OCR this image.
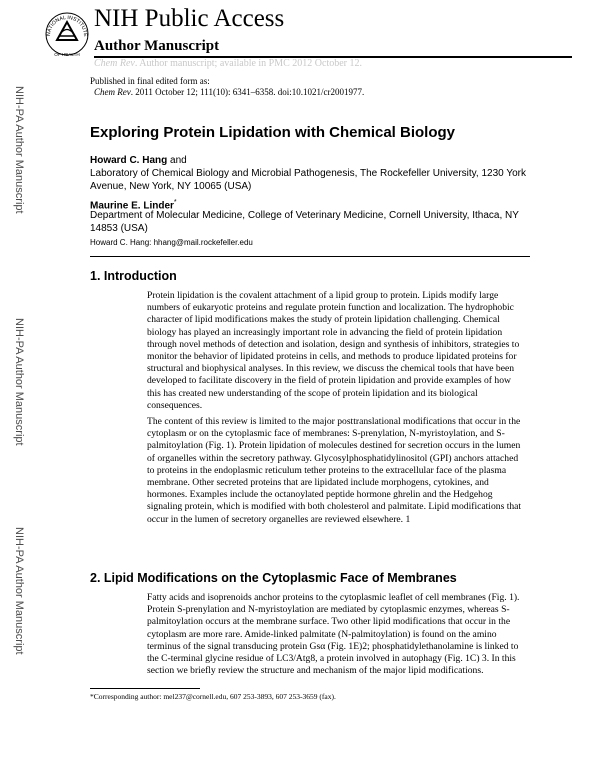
NATIONAL INSTITUTE
OF HEALTH
NIH Public Access
Author Manuscript
Chem Rev. Author manuscript; available in PMC 2012 October 12.
Published in final edited form as:
Chem Rev. 2011 October 12; 111(10): 6341–6358. doi:10.1021/cr2001977.
NIH-PA Author Manuscript
NIH-PA Author Manuscript
NIH-PA Author Manuscript
Exploring Protein Lipidation with Chemical Biology
Howard C. Hang and
Laboratory of Chemical Biology and Microbial Pathogenesis, The Rockefeller University, 1230 York Avenue, New York, NY 10065 (USA)
Maurine E. Linder*
Department of Molecular Medicine, College of Veterinary Medicine, Cornell University, Ithaca, NY 14853 (USA)
Howard C. Hang: hhang@mail.rockefeller.edu
1. Introduction

Protein lipidation is the covalent attachment of a lipid group to protein. Lipids modify large numbers of eukaryotic proteins and regulate protein function and localization. The hydrophobic character of lipid modifications makes the study of protein lipidation challenging. Chemical biology has played an increasingly important role in advancing the field of protein lipidation through novel methods of detection and isolation, design and synthesis of inhibitors, strategies to monitor the behavior of lipidated proteins in cells, and methods to produce lipidated proteins for structural and biophysical analyses. In this review, we discuss the chemical tools that have been developed to facilitate discovery in the field of protein lipidation and provide examples of how this has created new understanding of the scope of protein lipidation and its biological consequences.

The content of this review is limited to the major posttranslational modifications that occur in the cytoplasm or on the cytoplasmic face of membranes: S-prenylation, N-myristoylation, and S-palmitoylation (Fig. 1). Protein lipidation of molecules destined for secretion occurs in the lumen of organelles within the secretory pathway. Glycosylphosphatidylinositol (GPI) anchors attached to proteins in the endoplasmic reticulum tether proteins to the extracellular face of the plasma membrane. Other secreted proteins that are lipidated include morphogens, cytokines, and hormones. Examples include the octanoylated peptide hormone ghrelin and the Hedgehog signaling protein, which is modified with both cholesterol and palmitate. Lipid modifications that occur in the lumen of secretory organelles are reviewed elsewhere. 1

2. Lipid Modifications on the Cytoplasmic Face of Membranes

Fatty acids and isoprenoids anchor proteins to the cytoplasmic leaflet of cell membranes (Fig. 1). Protein S-prenylation and N-myristoylation are mediated by cytoplasmic enzymes, whereas S-palmitoylation occurs at the membrane surface. Two other lipid modifications that occur in the cytoplasm are more rare. Amide-linked palmitate (N-palmitoylation) is found on the amino terminus of the signal transducing protein Gsα (Fig. 1E)2; phosphatidylethanolamine is linked to the C-terminal glycine residue of LC3/Atg8, a protein involved in autophagy (Fig. 1C) 3. In this section we briefly review the structure and mechanism of the major lipid modifications.

*Corresponding author: mel237@cornell.edu, 607 253-3893, 607 253-3659 (fax).
